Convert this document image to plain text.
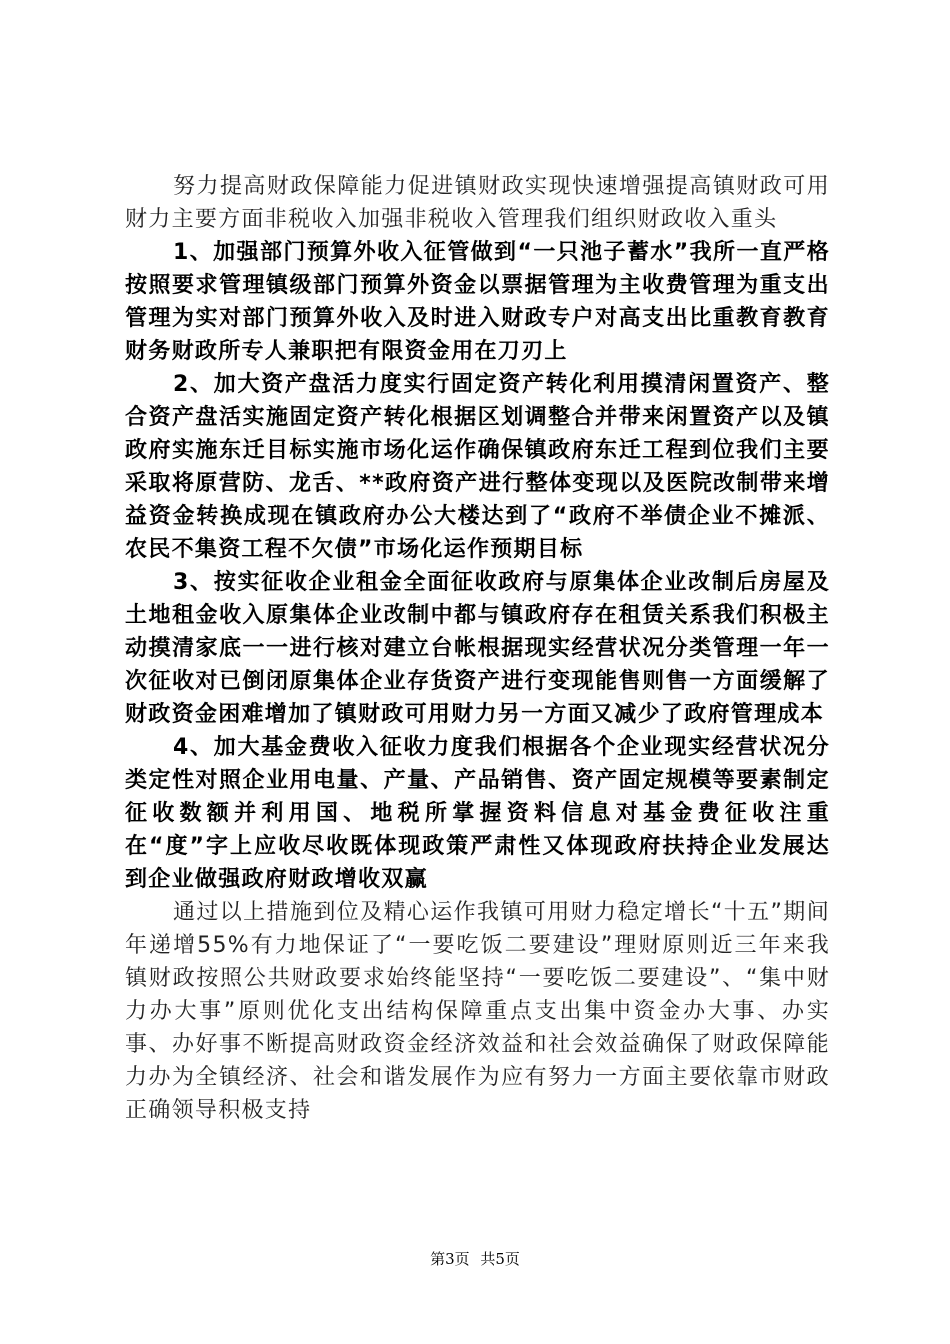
努力提高财政保障能力促进镇财政实现快速增强提高镇财政可用财力主要方面非税收入加强非税收入管理我们组织财政收入重头

1、加强部门预算外收入征管做到“一只池子蓄水”我所一直严格按照要求管理镇级部门预算外资金以票据管理为主收费管理为重支出管理为实对部门预算外收入及时进入财政专户对高支出比重教育教育财务财政所专人兼职把有限资金用在刀刃上

2、加大资产盘活力度实行固定资产转化利用摸清闲置资产、整合资产盘活实施固定资产转化根据区划调整合并带来闲置资产以及镇政府实施东迁目标实施市场化运作确保镇政府东迁工程到位我们主要采取将原营防、龙舌、**政府资产进行整体变现以及医院改制带来增益资金转换成现在镇政府办公大楼达到了“政府不举债企业不摊派、农民不集资工程不欠债”市场化运作预期目标

3、按实征收企业租金全面征收政府与原集体企业改制后房屋及土地租金收入原集体企业改制中都与镇政府存在租赁关系我们积极主动摸清家底一一进行核对建立台帐根据现实经营状况分类管理一年一次征收对已倒闭原集体企业存货资产进行变现能售则售一方面缓解了财政资金困难增加了镇财政可用财力另一方面又减少了政府管理成本

4、加大基金费收入征收力度我们根据各个企业现实经营状况分类定性对照企业用电量、产量、产品销售、资产固定规模等要素制定征收数额并利用国、地税所掌握资料信息对基金费征收注重在“度”字上应收尽收既体现政策严肃性又体现政府扶持企业发展达到企业做强政府财政增收双赢

通过以上措施到位及精心运作我镇可用财力稳定增长“十五”期间年递增55%有力地保证了“一要吃饭二要建设”理财原则近三年来我镇财政按照公共财政要求始终能坚持“一要吃饭二要建设”、“集中财力办大事”原则优化支出结构保障重点支出集中资金办大事、办实事、办好事不断提高财政资金经济效益和社会效益确保了财政保障能力办为全镇经济、社会和谐发展作为应有努力一方面主要依靠市财政正确领导积极支持

第3页 共5页
